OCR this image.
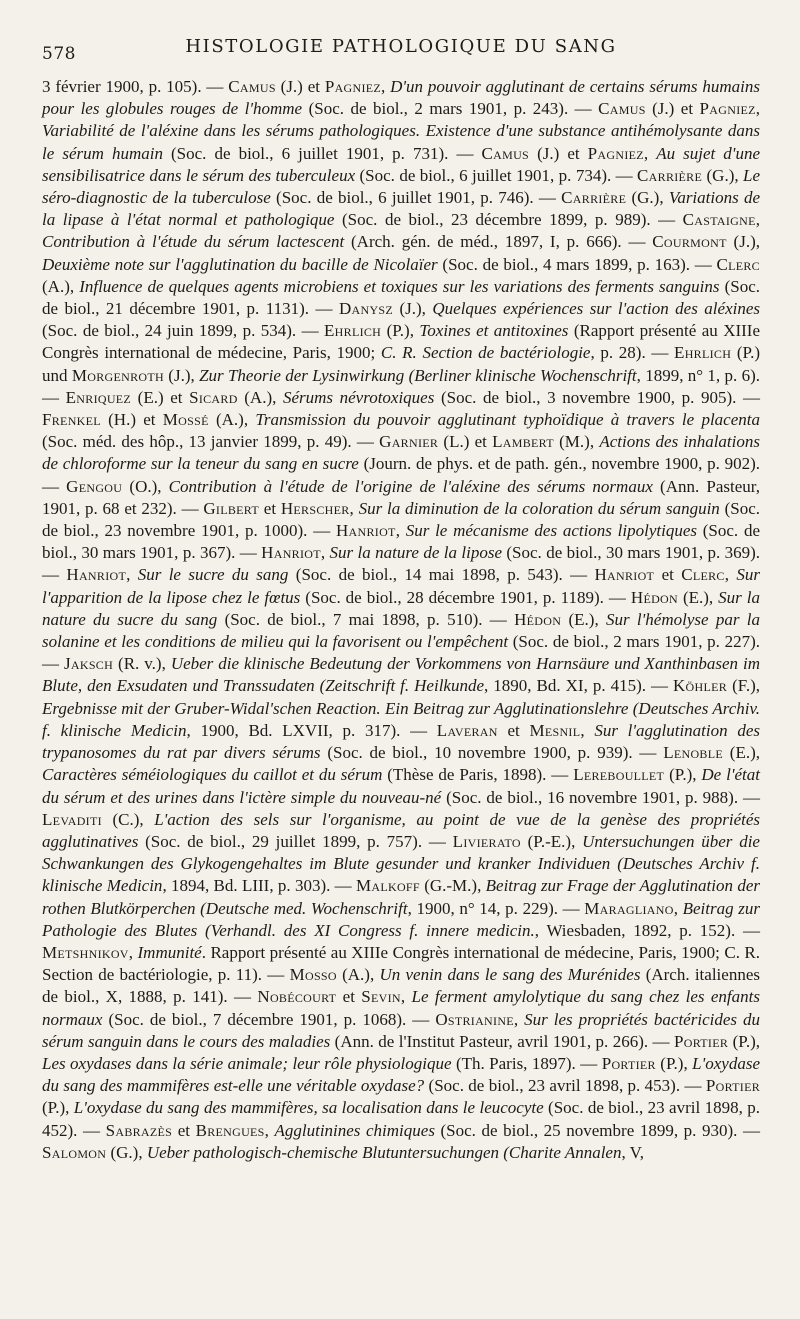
578	HISTOLOGIE PATHOLOGIQUE DU SANG
3 février 1900, p. 105). — Camus (J.) et Pagniez, D'un pouvoir agglutinant de certains sérums humains pour les globules rouges de l'homme (Soc. de biol., 2 mars 1901, p. 243). — Camus (J.) et Pagniez, Variabilité de l'aléxine dans les sérums pathologiques. Existence d'une substance antihémolysante dans le sérum humain (Soc. de biol., 6 juillet 1901, p. 731). — Camus (J.) et Pagniez, Au sujet d'une sensibilisatrice dans le sérum des tuberculeux (Soc. de biol., 6 juillet 1901, p. 734). — Carrière (G.), Le séro-diagnostic de la tuberculose (Soc. de biol., 6 juillet 1901, p. 746). — Carrière (G.), Variations de la lipase à l'état normal et pathologique (Soc. de biol., 23 décembre 1899, p. 989). — Castaigne, Contribution à l'étude du sérum lactescent (Arch. gén. de méd., 1897, I, p. 666). — Courmont (J.), Deuxième note sur l'agglutination du bacille de Nicolaïer (Soc. de biol., 4 mars 1899, p. 163). — Clerc (A.), Influence de quelques agents microbiens et toxiques sur les variations des ferments sanguins (Soc. de biol., 21 décembre 1901, p. 1131). — Danysz (J.), Quelques expériences sur l'action des aléxines (Soc. de biol., 24 juin 1899, p. 534). — Ehrlich (P.), Toxines et antitoxines (Rapport présenté au XIIIe Congrès international de médecine, Paris, 1900; C. R. Section de bactériologie, p. 28). — Ehrlich (P.) und Morgenroth (J.), Zur Theorie der Lysinwirkung (Berliner klinische Wochenschrift, 1899, n° 1, p. 6). — Enriquez (E.) et Sicard (A.), Sérums névrotoxiques (Soc. de biol., 3 novembre 1900, p. 905). — Frenkel (H.) et Mossé (A.), Transmission du pouvoir agglutinant typhoïdique à travers le placenta (Soc. méd. des hôp., 13 janvier 1899, p. 49). — Garnier (L.) et Lambert (M.), Actions des inhalations de chloroforme sur la teneur du sang en sucre (Journ. de phys. et de path. gén., novembre 1900, p. 902). — Gengou (O.), Contribution à l'étude de l'origine de l'aléxine des sérums normaux (Ann. Pasteur, 1901, p. 68 et 232). — Gilbert et Herscher, Sur la diminution de la coloration du sérum sanguin (Soc. de biol., 23 novembre 1901, p. 1000). — Hanriot, Sur le mécanisme des actions lipolytiques (Soc. de biol., 30 mars 1901, p. 367). — Hanriot, Sur la nature de la lipose (Soc. de biol., 30 mars 1901, p. 369). — Hanriot, Sur le sucre du sang (Soc. de biol., 14 mai 1898, p. 543). — Hanriot et Clerc, Sur l'apparition de la lipose chez le fœtus (Soc. de biol., 28 décembre 1901, p. 1189). — Hédon (E.), Sur la nature du sucre du sang (Soc. de biol., 7 mai 1898, p. 510). — Hédon (E.), Sur l'hémolyse par la solanine et les conditions de milieu qui la favorisent ou l'empêchent (Soc. de biol., 2 mars 1901, p. 227). — Jaksch (R. v.), Ueber die klinische Bedeutung der Vorkommens von Harnsäure und Xanthinbasen im Blute, den Exsudaten und Transsudaten (Zeitschrift f. Heilkunde, 1890, Bd. XI, p. 415). — Köhler (F.), Ergebnisse mit der Gruber-Widal'schen Reaction. Ein Beitrag zur Agglutinationslehre (Deutsches Archiv. f. klinische Medicin, 1900, Bd. LXVII, p. 317). — Laveran et Mesnil, Sur l'agglutination des trypanosomes du rat par divers sérums (Soc. de biol., 10 novembre 1900, p. 939). — Lenoble (E.), Caractères séméiologiques du caillot et du sérum (Thèse de Paris, 1898). — Lereboullet (P.), De l'état du sérum et des urines dans l'ictère simple du nouveau-né (Soc. de biol., 16 novembre 1901, p. 988). — Levaditi (C.), L'action des sels sur l'organisme, au point de vue de la genèse des propriétés agglutinatives (Soc. de biol., 29 juillet 1899, p. 757). — Livierato (P.-E.), Untersuchungen über die Schwankungen des Glykogengehaltes im Blute gesunder und kranker Individuen (Deutsches Archiv f. klinische Medicin, 1894, Bd. LIII, p. 303). — Malkoff (G.-M.), Beitrag zur Frage der Agglutination der rothen Blutkörperchen (Deutsche med. Wochenschrift, 1900, n° 14, p. 229). — Maragliano, Beitrag zur Pathologie des Blutes (Verhandl. des XI Congress f. innere medicin., Wiesbaden, 1892, p. 152). — Metshnikov, Immunité. Rapport présenté au XIIIe Congrès international de médecine, Paris, 1900; C. R. Section de bactériologie, p. 11). — Mosso (A.), Un venin dans le sang des Murénides (Arch. italiennes de biol., X, 1888, p. 141). — Nobécourt et Sevin, Le ferment amylolytique du sang chez les enfants normaux (Soc. de biol., 7 décembre 1901, p. 1068). — Ostrianine, Sur les propriétés bactéricides du sérum sanguin dans le cours des maladies (Ann. de l'Institut Pasteur, avril 1901, p. 266). — Portier (P.), Les oxydases dans la série animale; leur rôle physiologique (Th. Paris, 1897). — Portier (P.), L'oxydase du sang des mammifères est-elle une véritable oxydase? (Soc. de biol., 23 avril 1898, p. 453). — Portier (P.), L'oxydase du sang des mammifères, sa localisation dans le leucocyte (Soc. de biol., 23 avril 1898, p. 452). — Sabrazès et Brengues, Agglutinines chimiques (Soc. de biol., 25 novembre 1899, p. 930). — Salomon (G.), Ueber pathologisch-chemische Blutuntersuchungen (Charite Annalen, V,
